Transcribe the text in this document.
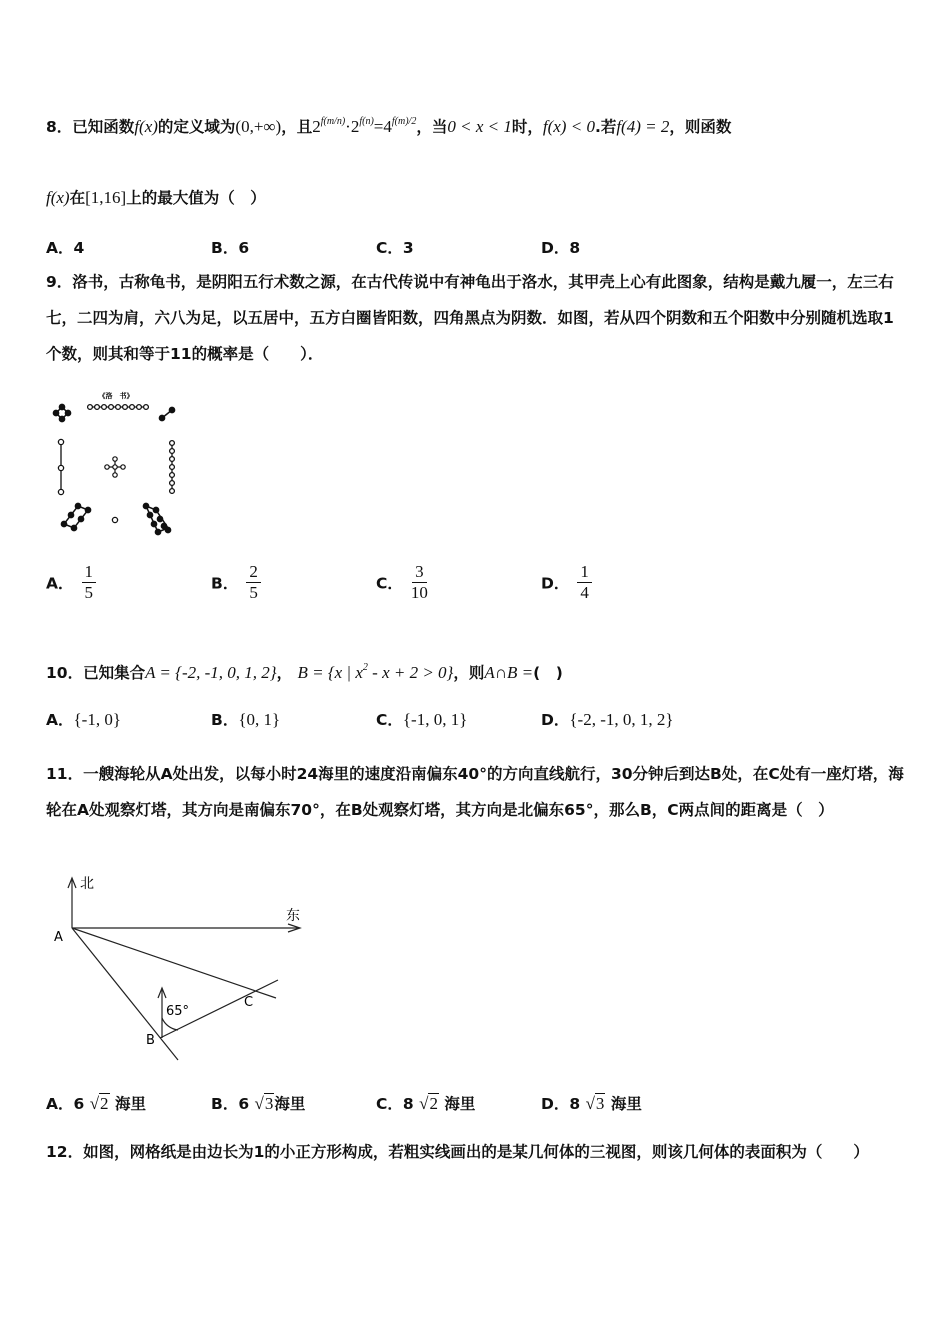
8．已知函数f(x)的定义域为(0,+∞)，且$2^{f(m/n)}\cdot 2^{f(n)}=4^{f(m)/2}$，当0 < x < 1时，f(x) < 0.若f(4) = 2，则函数
f(x)在[1,16]上的最大值为（　）
A．4	B．6	C．3	D．8
9．洛书，古称龟书，是阴阳五行术数之源，在古代传说中有神龟出于洛水，其甲壳上心有此图象，结构是戴九履一，左三右七，二四为肩，六八为足，以五居中，五方白圈皆阳数，四角黑点为阴数．如图，若从四个阴数和五个阳数中分别随机选取1个数，则其和等于11的概率是（　　）．
《洛　书》
A． $\frac{1}{5}$	B． $\frac{2}{5}$	C． $\frac{3}{10}$	D． $\frac{1}{4}$
10．已知集合A = {-2, -1, 0, 1, 2}， B = {x | $x^2 - x + 2 > 0$}，则A∩B =(　)
A．{-1, 0}	B．{0, 1}	C．{-1, 0, 1}	D．{-2, -1, 0, 1, 2}
11．一艘海轮从A处出发，以每小时24海里的速度沿南偏东40°的方向直线航行，30分钟后到达B处，在C处有一座灯塔，海轮在A处观察灯塔，其方向是南偏东70°，在B处观察灯塔，其方向是北偏东65°，那么B，C两点间的距离是（　）
北
东
A
B
C
65°
A．6 √2 海里	B．6 √3海里	C．8 √2 海里	D．8 √3 海里
12．如图，网格纸是由边长为1的小正方形构成，若粗实线画出的是某几何体的三视图，则该几何体的表面积为（　　）
